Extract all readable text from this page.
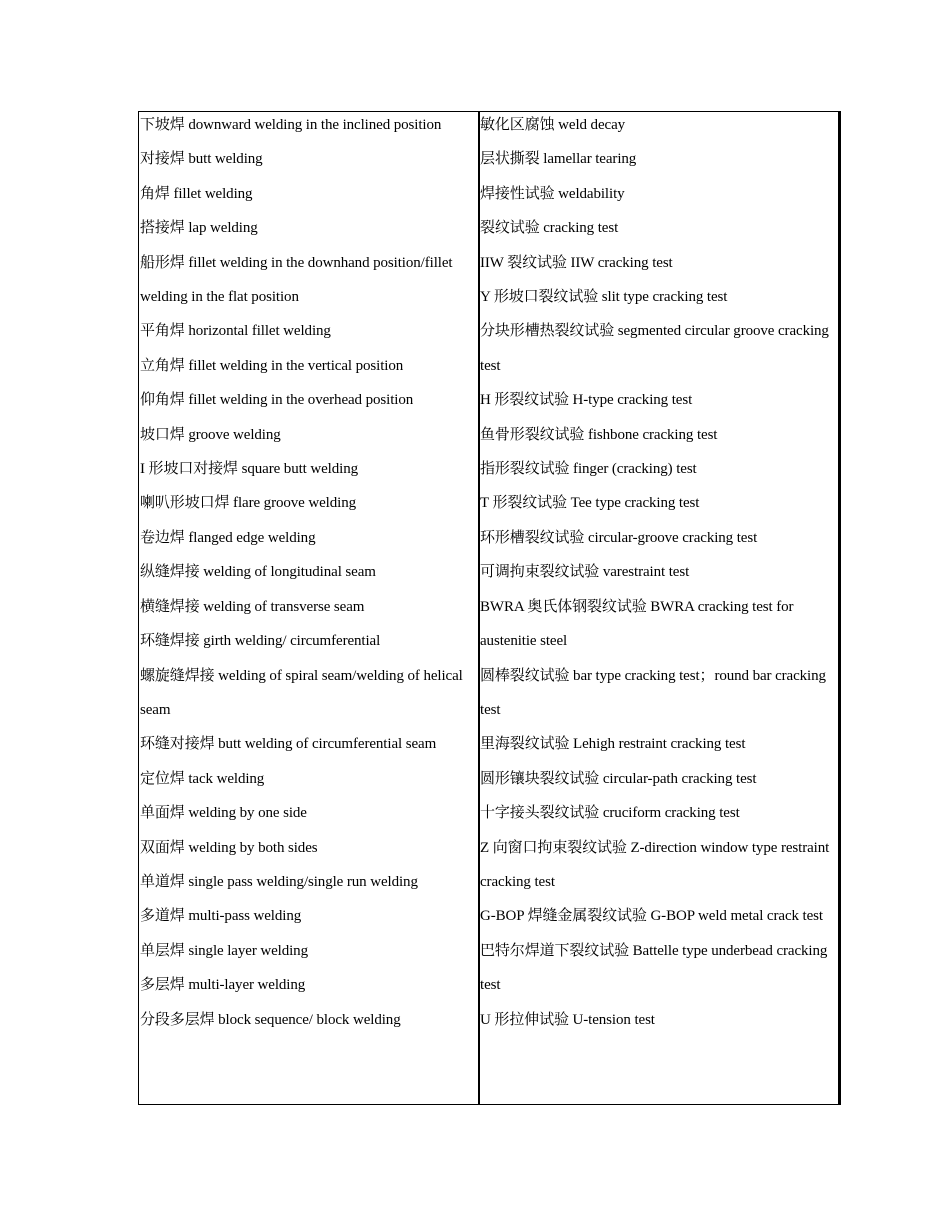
下坡焊 downward welding in the inclined position

对接焊 butt welding

角焊 fillet welding

搭接焊 lap welding

船形焊 fillet welding in the downhand position/fillet welding in the flat position

平角焊 horizontal fillet welding

立角焊 fillet welding in the vertical position

仰角焊 fillet welding in the overhead position

坡口焊 groove welding

I 形坡口对接焊 square butt welding

喇叭形坡口焊 flare groove welding

卷边焊 flanged edge welding

纵缝焊接 welding of longitudinal seam

横缝焊接 welding of transverse seam

环缝焊接 girth welding/ circumferential

螺旋缝焊接 welding of spiral seam/welding of helical seam

环缝对接焊 butt welding of circumferential seam

定位焊 tack welding

单面焊 welding by one side

双面焊 welding by both sides

单道焊 single pass welding/single run welding

多道焊 multi-pass welding

单层焊 single layer welding

多层焊 multi-layer welding

分段多层焊 block sequence/ block welding

敏化区腐蚀 weld decay

层状撕裂 lamellar tearing

焊接性试验 weldability

裂纹试验 cracking test

IIW 裂纹试验 IIW cracking test

Y 形坡口裂纹试验 slit type cracking test

分块形槽热裂纹试验 segmented circular groove cracking test

H 形裂纹试验 H-type cracking test

鱼骨形裂纹试验 fishbone cracking test

指形裂纹试验 finger (cracking) test

T 形裂纹试验 Tee type cracking test

环形槽裂纹试验 circular-groove cracking test

可调拘束裂纹试验 varestraint test

BWRA 奥氏体钢裂纹试验 BWRA cracking test for austenitie steel

圆棒裂纹试验 bar type cracking test；round bar cracking test

里海裂纹试验 Lehigh restraint cracking test

圆形镶块裂纹试验 circular-path cracking test

十字接头裂纹试验 cruciform cracking test

Z 向窗口拘束裂纹试验 Z-direction window type restraint cracking test

G-BOP 焊缝金属裂纹试验 G-BOP weld metal crack test

巴特尔焊道下裂纹试验 Battelle type underbead cracking test

U 形拉伸试验 U-tension test
